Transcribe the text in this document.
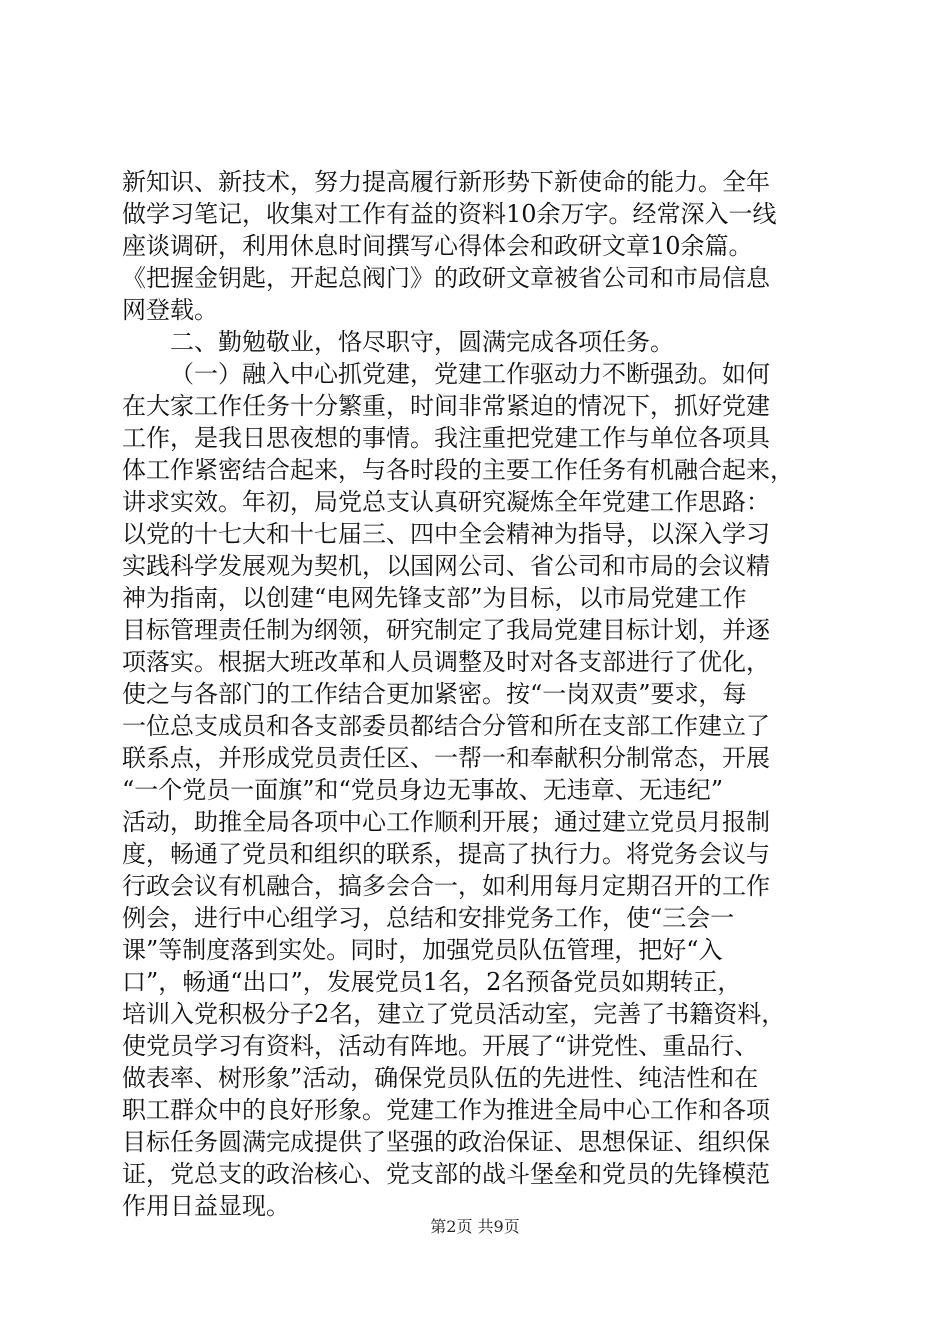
新知识、新技术，努力提高履行新形势下新使命的能力。全年
做学习笔记，收集对工作有益的资料10余万字。经常深入一线
座谈调研，利用休息时间撰写心得体会和政研文章10余篇。
《把握金钥匙，开起总阀门》的政研文章被省公司和市局信息
网登载。
二、勤勉敬业，恪尽职守，圆满完成各项任务。
（一）融入中心抓党建，党建工作驱动力不断强劲。如何
在大家工作任务十分繁重，时间非常紧迫的情况下，抓好党建
工作，是我日思夜想的事情。我注重把党建工作与单位各项具
体工作紧密结合起来，与各时段的主要工作任务有机融合起来，
讲求实效。年初，局党总支认真研究凝炼全年党建工作思路：
以党的十七大和十七届三、四中全会精神为指导，以深入学习
实践科学发展观为契机，以国网公司、省公司和市局的会议精
神为指南，以创建“电网先锋支部”为目标，以市局党建工作
目标管理责任制为纲领，研究制定了我局党建目标计划，并逐
项落实。根据大班改革和人员调整及时对各支部进行了优化，
使之与各部门的工作结合更加紧密。按“一岗双责”要求，每
一位总支成员和各支部委员都结合分管和所在支部工作建立了
联系点，并形成党员责任区、一帮一和奉献积分制常态，开展
“一个党员一面旗”和“党员身边无事故、无违章、无违纪”
活动，助推全局各项中心工作顺利开展；通过建立党员月报制
度，畅通了党员和组织的联系，提高了执行力。将党务会议与
行政会议有机融合，搞多会合一，如利用每月定期召开的工作
例会，进行中心组学习，总结和安排党务工作，使“三会一
课”等制度落到实处。同时，加强党员队伍管理，把好“入
口”，畅通“出口”，发展党员1名，2名预备党员如期转正，
培训入党积极分子2名，建立了党员活动室，完善了书籍资料，
使党员学习有资料，活动有阵地。开展了“讲党性、重品行、
做表率、树形象”活动，确保党员队伍的先进性、纯洁性和在
职工群众中的良好形象。党建工作为推进全局中心工作和各项
目标任务圆满完成提供了坚强的政治保证、思想保证、组织保
证，党总支的政治核心、党支部的战斗堡垒和党员的先锋模范
作用日益显现。
第2页 共9页
